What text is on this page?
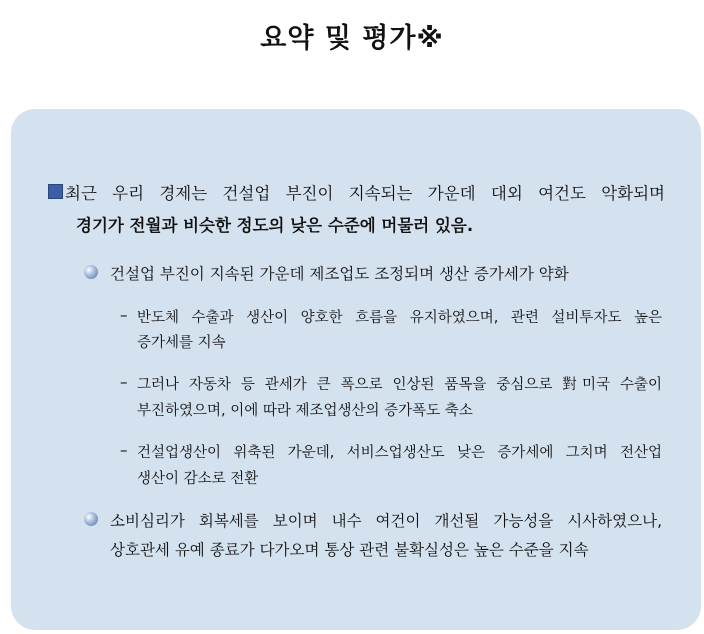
요약 및 평가※
최근 우리 경제는 건설업 부진이 지속되는 가운데 대외 여건도 악화되며
경기가 전월과 비슷한 정도의 낮은 수준에 머물러 있음.
건설업 부진이 지속된 가운데 제조업도 조정되며 생산 증가세가 약화
– 반도체 수출과 생산이 양호한 흐름을 유지하였으며, 관련 설비투자도 높은
증가세를 지속
– 그러나 자동차 등 관세가 큰 폭으로 인상된 품목을 중심으로 對미국 수출이
부진하였으며, 이에 따라 제조업생산의 증가폭도 축소
– 건설업생산이 위축된 가운데, 서비스업생산도 낮은 증가세에 그치며 전산업
생산이 감소로 전환
소비심리가 회복세를 보이며 내수 여건이 개선될 가능성을 시사하였으나,
상호관세 유예 종료가 다가오며 통상 관련 불확실성은 높은 수준을 지속
